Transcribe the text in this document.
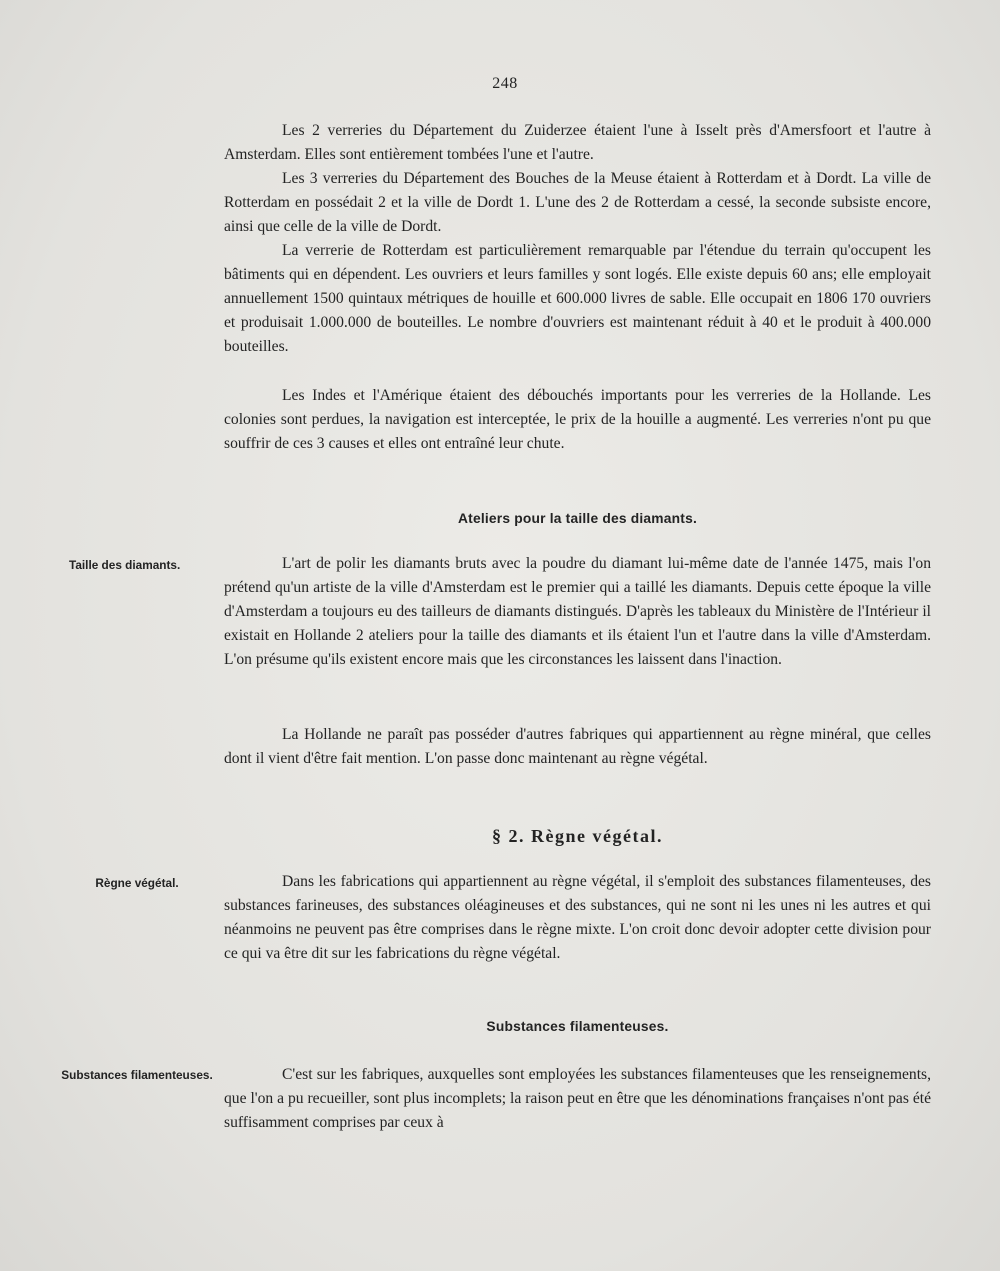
248

Les 2 verreries du Département du Zuiderzee étaient l'une à Isselt près d'Amersfoort et l'autre à Amsterdam. Elles sont entièrement tombées l'une et l'autre.

Les 3 verreries du Département des Bouches de la Meuse étaient à Rotterdam et à Dordt. La ville de Rotterdam en possédait 2 et la ville de Dordt 1. L'une des 2 de Rotterdam a cessé, la seconde subsiste encore, ainsi que celle de la ville de Dordt.

La verrerie de Rotterdam est particulièrement remarquable par l'étendue du terrain qu'occupent les bâtiments qui en dépendent. Les ouvriers et leurs familles y sont logés. Elle existe depuis 60 ans; elle employait annuellement 1500 quintaux métriques de houille et 600.000 livres de sable. Elle occupait en 1806 170 ouvriers et produisait 1.000.000 de bouteilles. Le nombre d'ouvriers est maintenant réduit à 40 et le produit à 400.000 bouteilles.

Les Indes et l'Amérique étaient des débouchés importants pour les verreries de la Hollande. Les colonies sont perdues, la navigation est interceptée, le prix de la houille a augmenté. Les verreries n'ont pu que souffrir de ces 3 causes et elles ont entraîné leur chute.

Ateliers pour la taille des diamants.
Taille des diamants.	L'art de polir les diamants bruts avec la poudre du diamant lui-même date de l'année 1475, mais l'on prétend qu'un artiste de la ville d'Amsterdam est le premier qui a taillé les diamants. Depuis cette époque la ville d'Amsterdam a toujours eu des tailleurs de diamants distingués. D'après les tableaux du Ministère de l'Intérieur il existait en Hollande 2 ateliers pour la taille des diamants et ils étaient l'un et l'autre dans la ville d'Amsterdam. L'on présume qu'ils existent encore mais que les circonstances les laissent dans l'inaction.

La Hollande ne paraît pas posséder d'autres fabriques qui appartiennent au règne minéral, que celles dont il vient d'être fait mention. L'on passe donc maintenant au règne végétal.

§ 2. Règne végétal.
Règne végétal.	Dans les fabrications qui appartiennent au règne végétal, il s'emploit des substances filamenteuses, des substances farineuses, des substances oléagineuses et des substances, qui ne sont ni les unes ni les autres et qui néanmoins ne peuvent pas être comprises dans le règne mixte. L'on croit donc devoir adopter cette division pour ce qui va être dit sur les fabrications du règne végétal.

Substances filamenteuses.
Substances filamenteuses.	C'est sur les fabriques, auxquelles sont employées les substances filamenteuses que les renseignements, que l'on a pu recueiller, sont plus incomplets; la raison peut en être que les dénominations françaises n'ont pas été suffisamment comprises par ceux à
